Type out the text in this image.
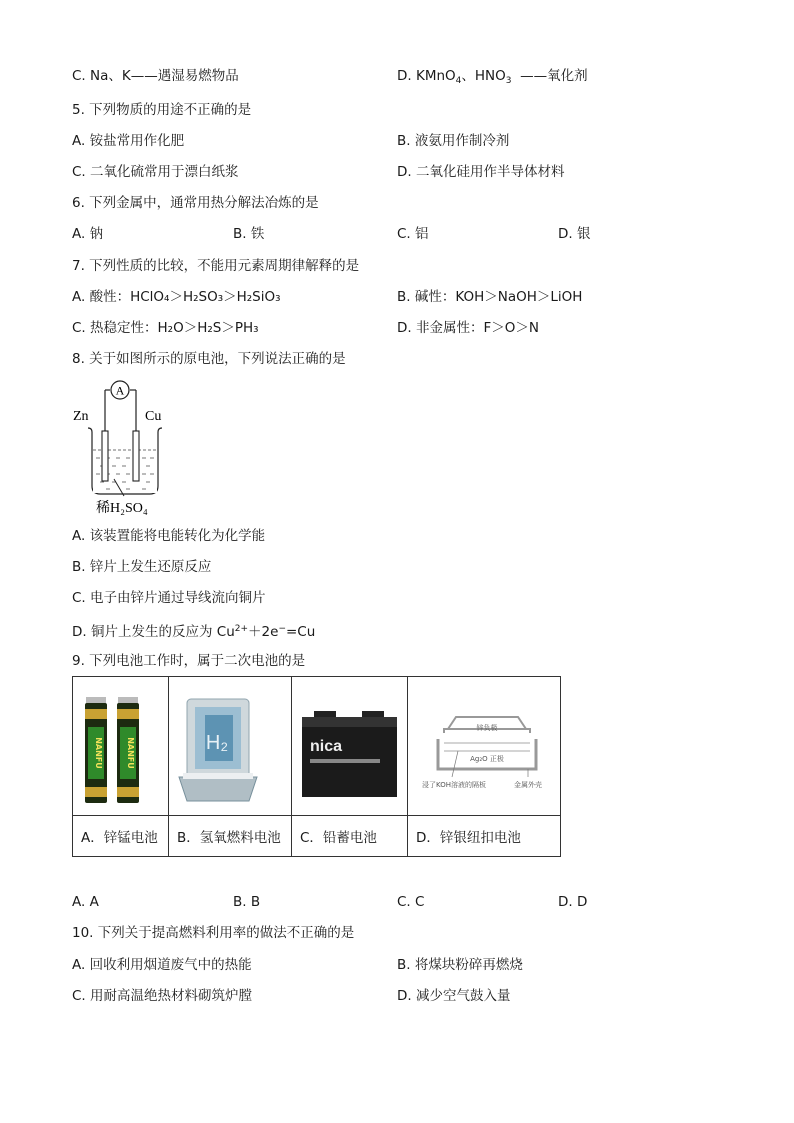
C. Na、K——遇湿易燃物品	D. KMnO$_4$、$HNO_3$ ——氧化剂
5. 下列物质的用途不正确的是
A. 铵盐常用作化肥	B. 液氨用作制冷剂
C. 二氧化硫常用于漂白纸浆	D. 二氧化硅用作半导体材料
6. 下列金属中，通常用热分解法冶炼的是
A. 钠	B. 铁	C. 铝	D. 银
7. 下列性质的比较，不能用元素周期律解释的是
A. 酸性：HClO₄＞H₂SO₃＞H₂SiO₃	B. 碱性：KOH＞NaOH＞LiOH
C. 热稳定性：H₂O＞H₂S＞PH₃	D. 非金属性：F＞O＞N
8. 关于如图所示的原电池，下列说法正确的是
A
Zn	Cu
稀H₂SO₄
A. 该装置能将电能转化为化学能
B. 锌片上发生还原反应
C. 电子由锌片通过导线流向铜片
D. 铜片上发生的反应为 $Cu^{2+}+2e^-=Cu$
9. 下列电池工作时，属于二次电池的是
NANFU NANFU	H₂	nica	锌负极
Ag₂O 正极
浸了KOH溶液的隔板 金属外壳

A．锌锰电池	B．氢氧燃料电池	C．铅蓄电池	D．锌银纽扣电池
A. A	B. B	C. C	D. D
10. 下列关于提高燃料利用率的做法不正确的是
A. 回收利用烟道废气中的热能	B. 将煤块粉碎再燃烧
C. 用耐高温绝热材料砌筑炉膛	D. 减少空气鼓入量
